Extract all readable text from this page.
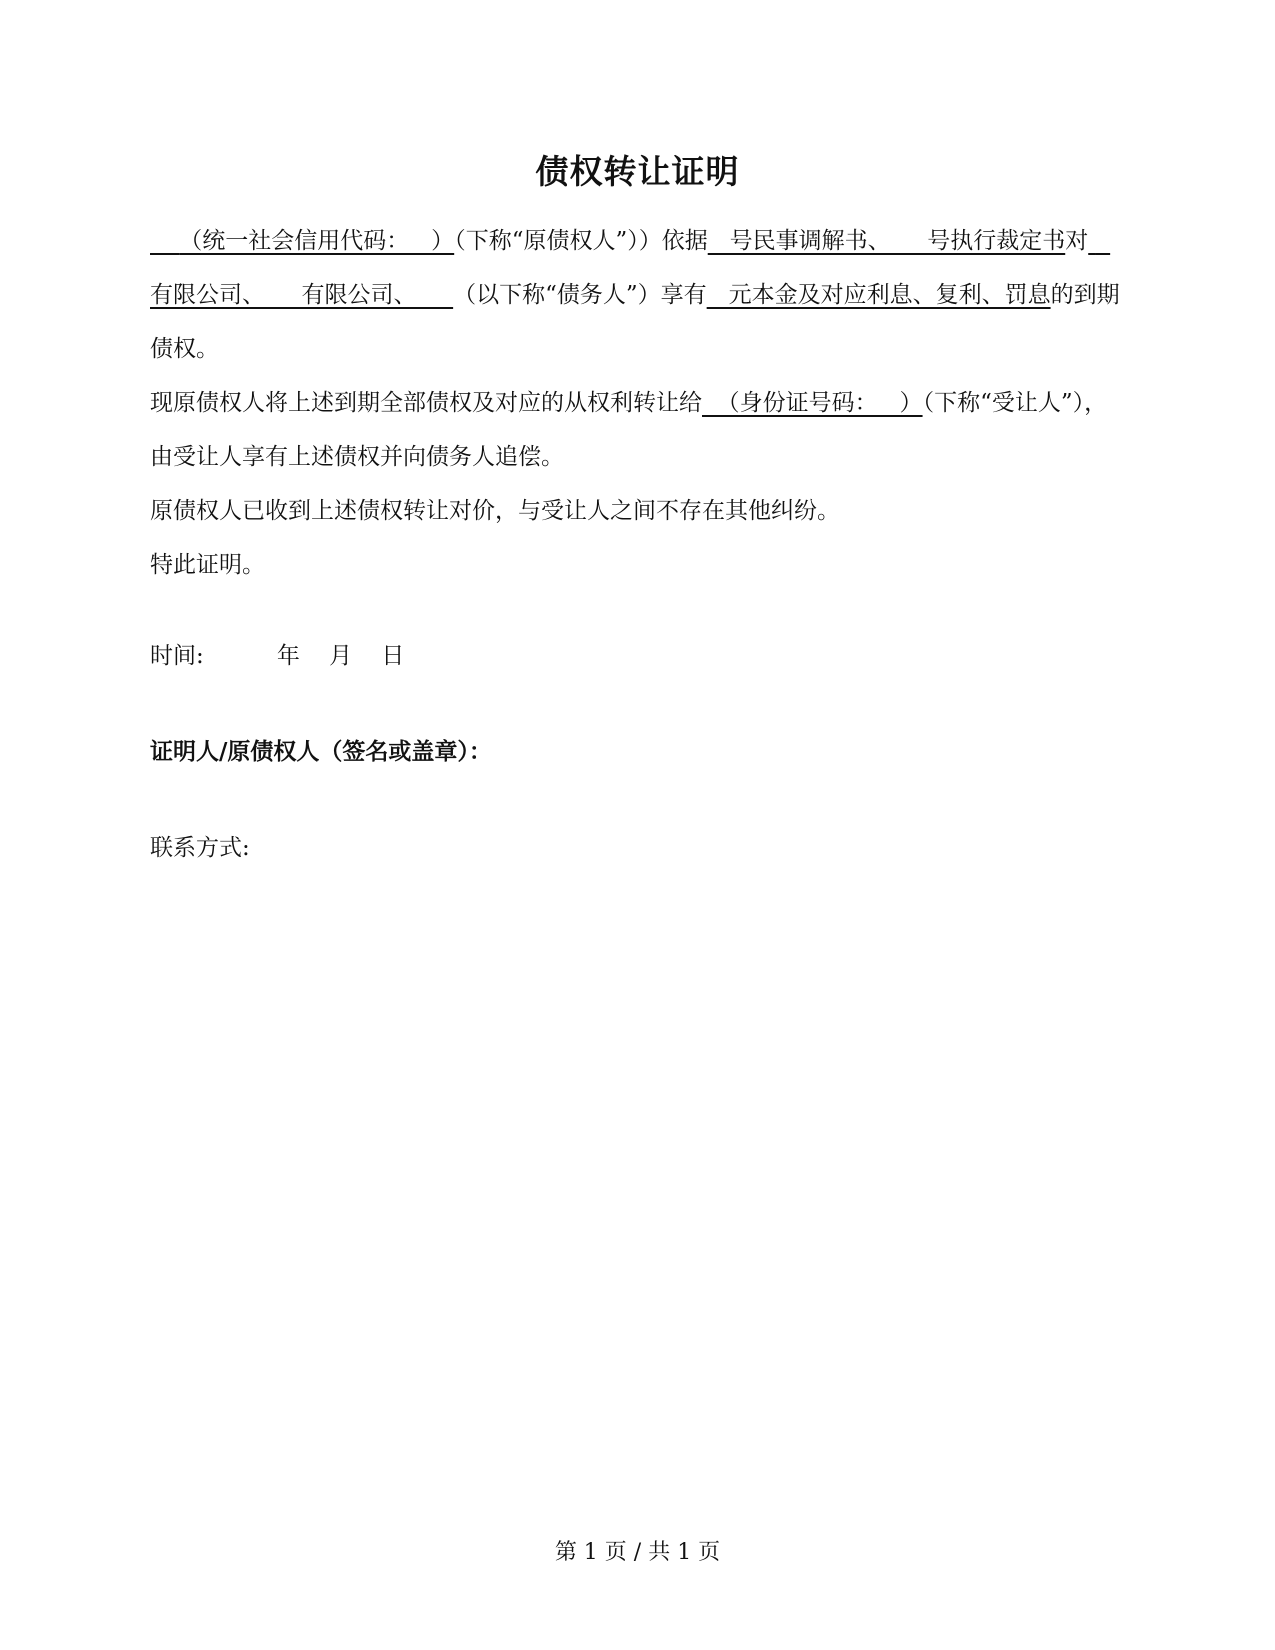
债权转让证明

（统一社会信用代码：   ）（下称“原债权人”））依据   号民事调解书、     号执行裁定书对   有限公司、     有限公司、     （以下称“债务人”）享有   元本金及对应利息、复利、罚息的到期债权。

现原债权人将上述到期全部债权及对应的从权利转让给  （身份证号码：   ）（下称“受让人”），由受让人享有上述债权并向债务人追偿。

原债权人已收到上述债权转让对价，与受让人之间不存在其他纠纷。

特此证明。

时间:          年    月    日
证明人/原债权人（签名或盖章）：
联系方式:
第 1 页 / 共 1 页
